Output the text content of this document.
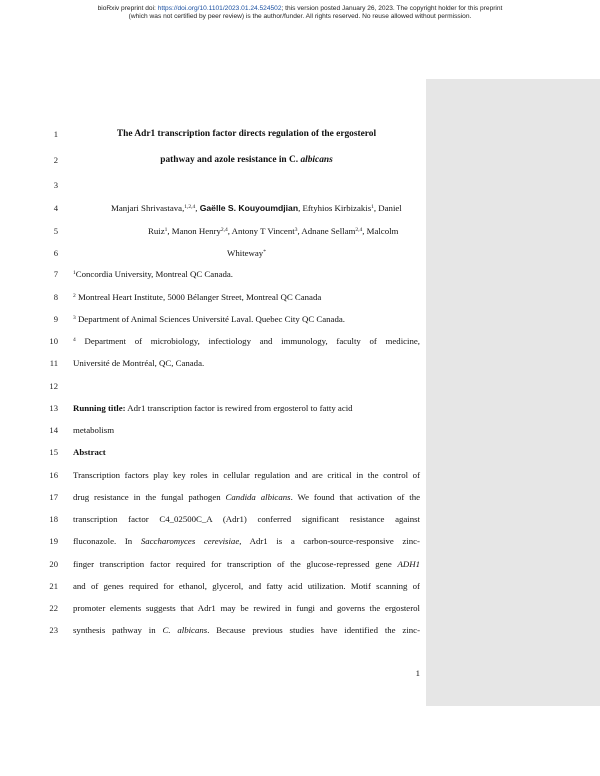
bioRxiv preprint doi: https://doi.org/10.1101/2023.01.24.524502; this version posted January 26, 2023. The copyright holder for this preprint
(which was not certified by peer review) is the author/funder. All rights reserved. No reuse allowed without permission.
1
2
3
4
5
6
7
8
9
10
11
12
13
14
15
16
17
18
19
20
21
22
23
The Adr1 transcription factor directs regulation of the ergosterol
pathway and azole resistance in C. albicans
Manjari Shrivastava,$^{1,2,4}$, Gaëlle S. Kouyoumdjian, Eftyhios Kirbizakis$^1$, Daniel
Ruiz$^1$, Manon Henry$^{2,4}$, Antony T Vincent$^3$, Adnane Sellam$^{2,4}$, Malcolm
Whiteway*
$^1$Concordia University, Montreal QC Canada.
$^2$ Montreal Heart Institute, 5000 Bélanger Street, Montreal QC Canada
$^3$ Department of Animal Sciences Université Laval. Quebec City QC Canada.
$^4$ Department of microbiology, infectiology and immunology, faculty of medicine,
Université de Montréal, QC, Canada.
Running title: Adr1 transcription factor is rewired from ergosterol to fatty acid
metabolism
Abstract
Transcription factors play key roles in cellular regulation and are critical in the control of
drug resistance in the fungal pathogen Candida albicans. We found that activation of the
transcription factor C4_02500C_A (Adr1) conferred significant resistance against
fluconazole. In Saccharomyces cerevisiae, Adr1 is a carbon-source-responsive zinc-
finger transcription factor required for transcription of the glucose-repressed gene ADH1
and of genes required for ethanol, glycerol, and fatty acid utilization. Motif scanning of
promoter elements suggests that Adr1 may be rewired in fungi and governs the ergosterol
synthesis pathway in C. albicans. Because previous studies have identified the zinc-
1
